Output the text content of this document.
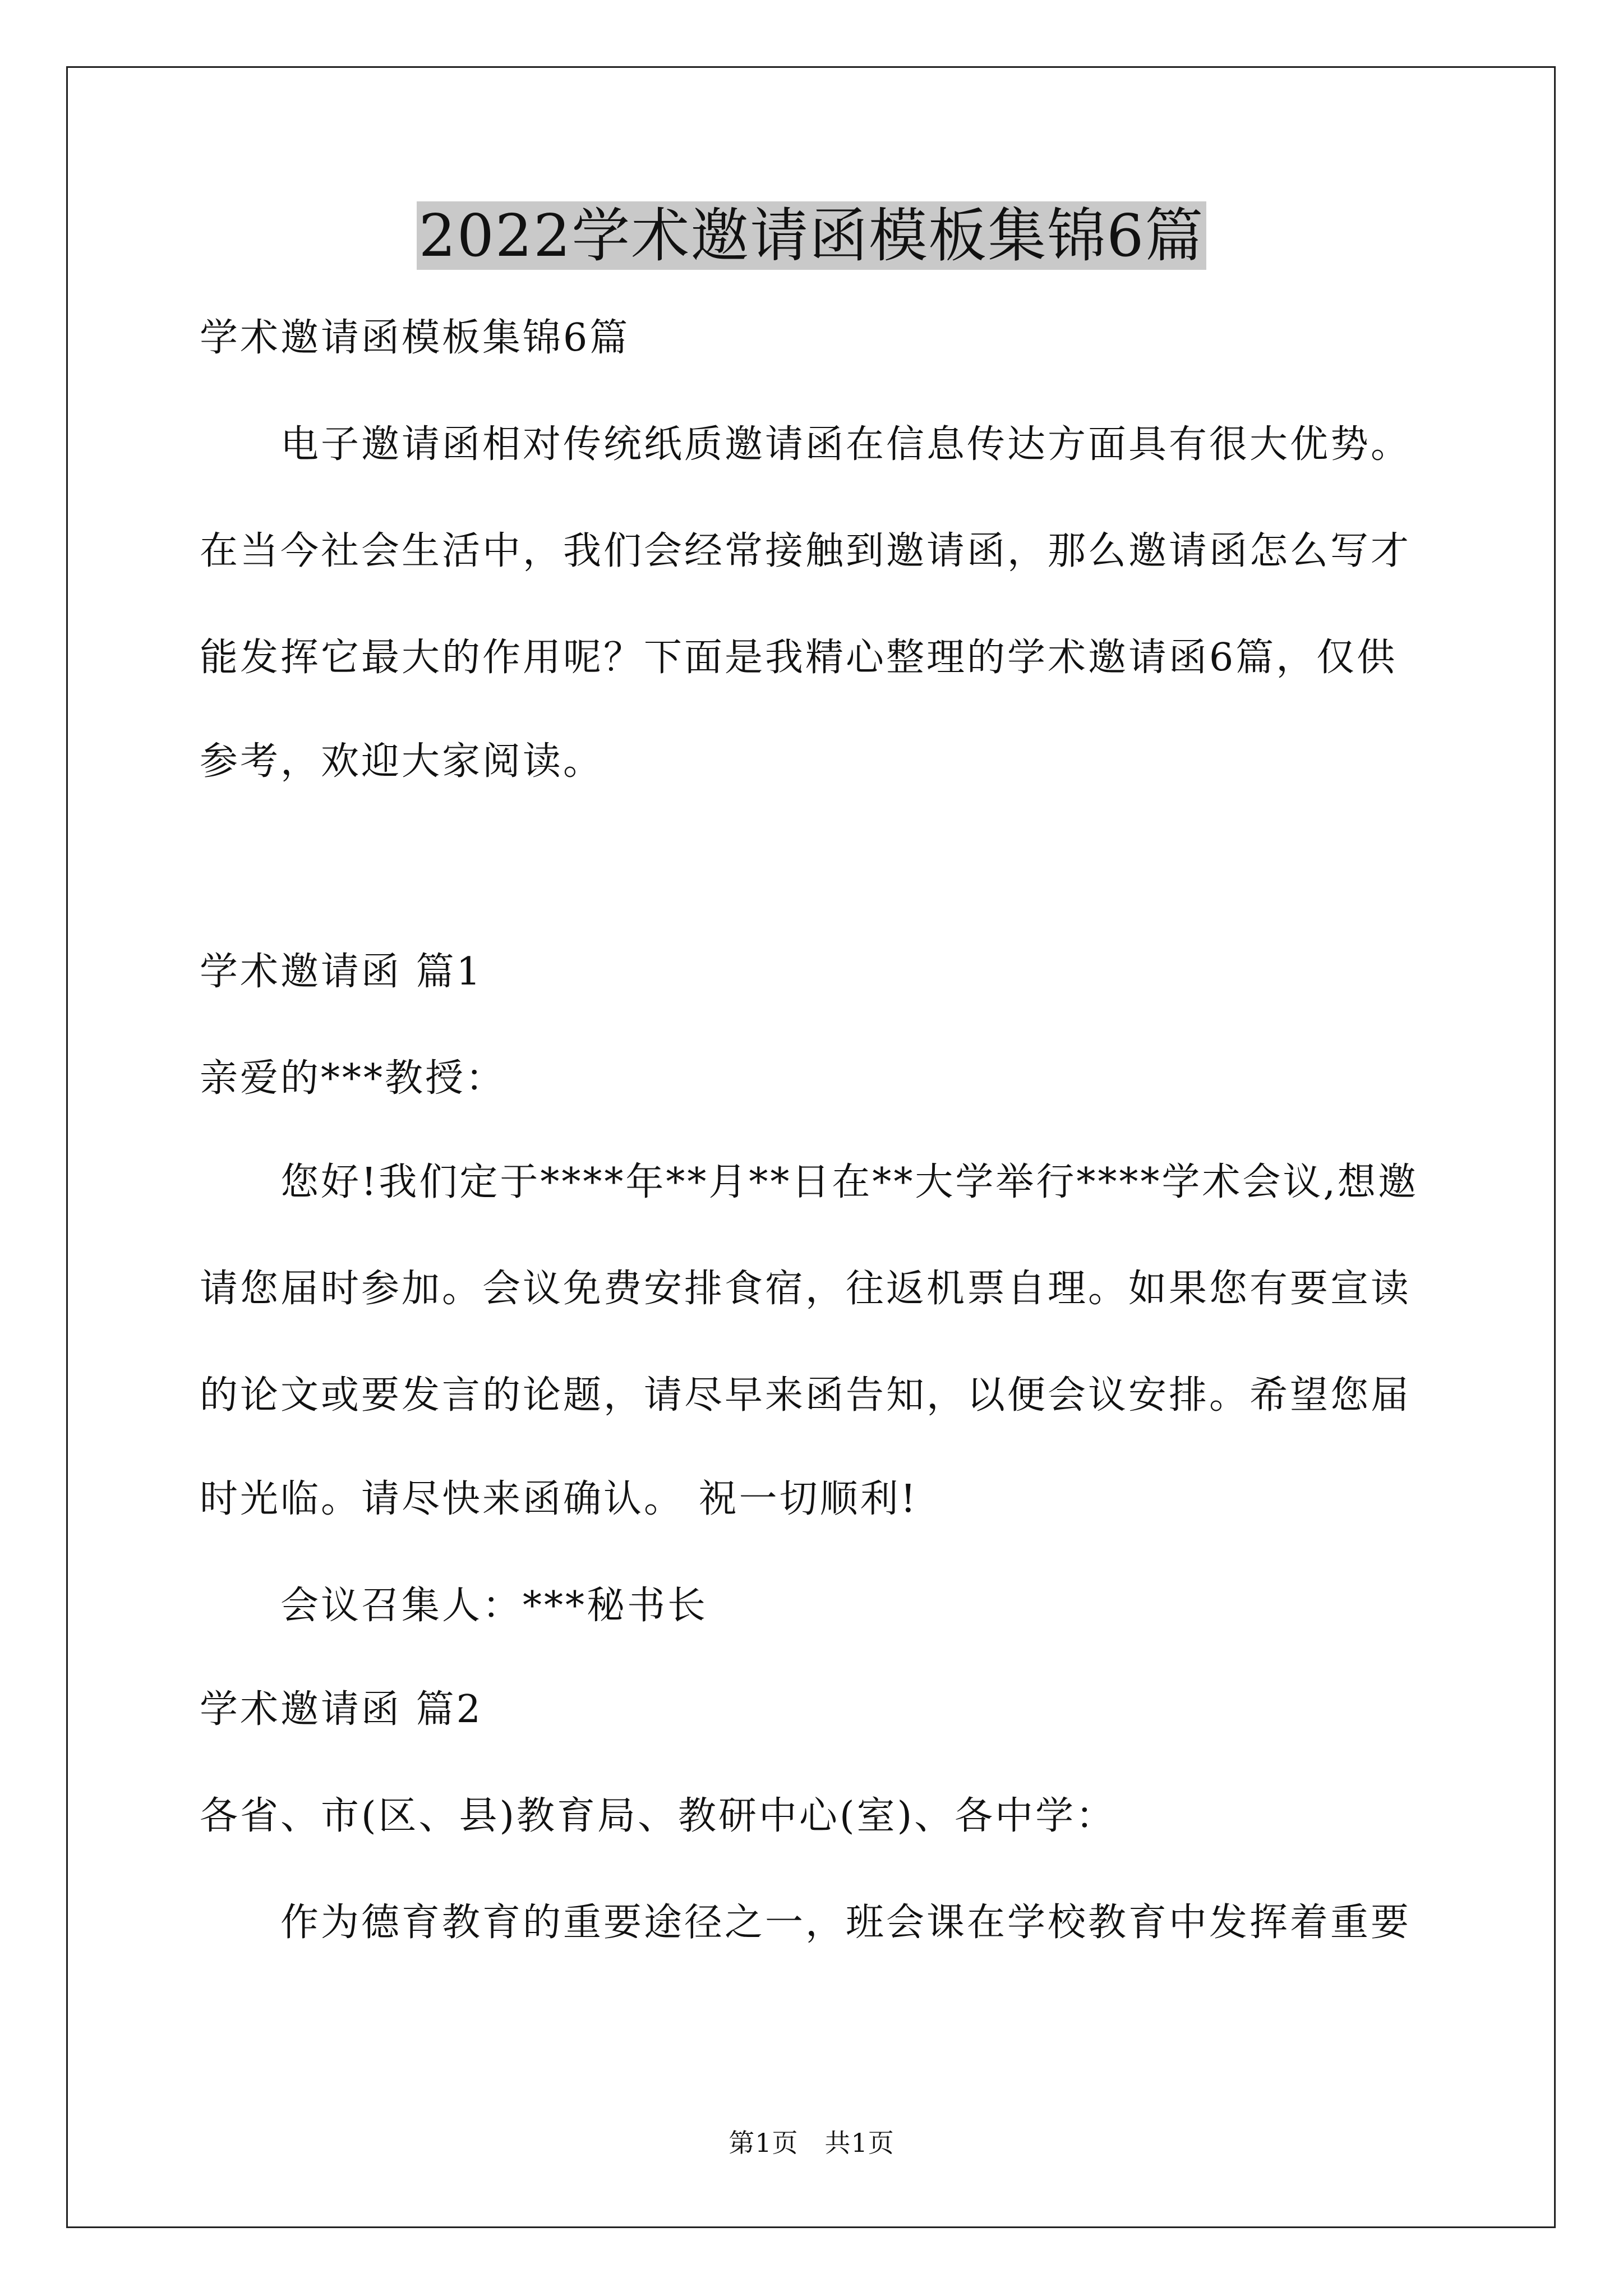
2022学术邀请函模板集锦6篇
学术邀请函模板集锦6篇
电子邀请函相对传统纸质邀请函在信息传达方面具有很大优势。
在当今社会生活中，我们会经常接触到邀请函，那么邀请函怎么写才
能发挥它最大的作用呢？下面是我精心整理的学术邀请函6篇，仅供
参考，欢迎大家阅读。
学术邀请函 篇1
亲爱的***教授：
您好!我们定于****年**月**日在**大学举行****学术会议,想邀
请您届时参加。会议免费安排食宿，往返机票自理。如果您有要宣读
的论文或要发言的论题，请尽早来函告知，以便会议安排。希望您届
时光临。请尽快来函确认。 祝一切顺利!
会议召集人：***秘书长
学术邀请函 篇2
各省、市(区、县)教育局、教研中心(室)、各中学：
作为德育教育的重要途径之一，班会课在学校教育中发挥着重要
第1页　共1页
